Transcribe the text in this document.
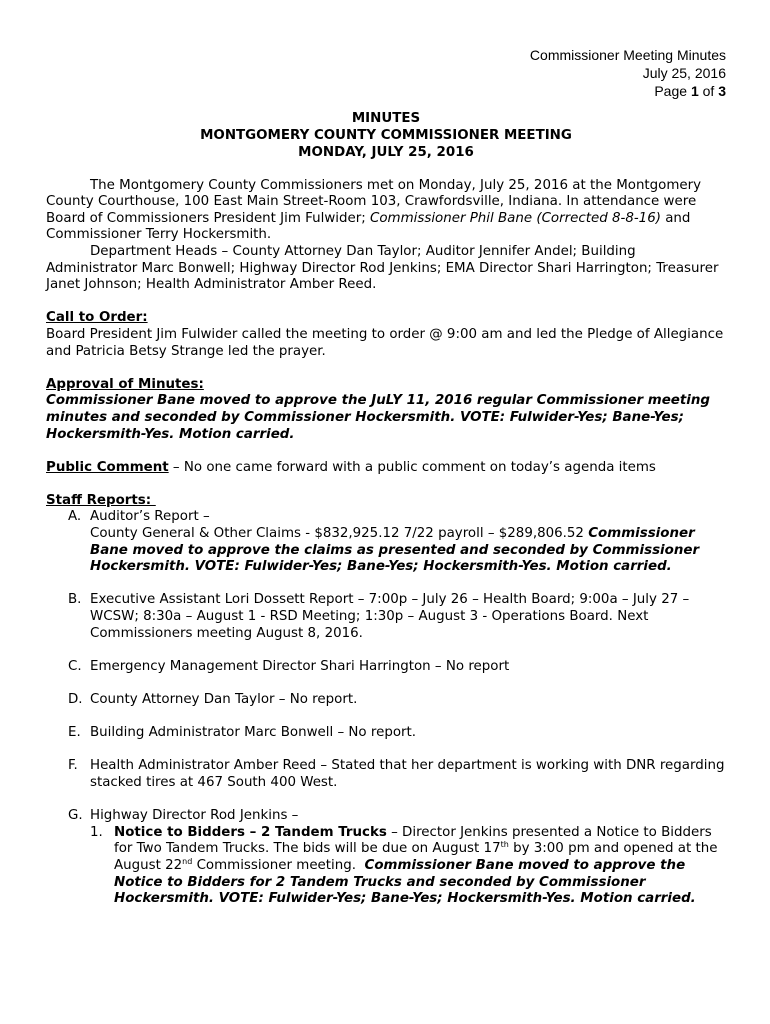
Commissioner Meeting Minutes
July 25, 2016
Page 1 of 3
MINUTES
MONTGOMERY COUNTY COMMISSIONER MEETING
MONDAY, JULY 25, 2016

The Montgomery County Commissioners met on Monday, July 25, 2016 at the Montgomery County Courthouse, 100 East Main Street-Room 103, Crawfordsville, Indiana. In attendance were Board of Commissioners President Jim Fulwider; Commissioner Phil Bane (Corrected 8-8-16) and Commissioner Terry Hockersmith.

Department Heads – County Attorney Dan Taylor; Auditor Jennifer Andel; Building Administrator Marc Bonwell; Highway Director Rod Jenkins; EMA Director Shari Harrington; Treasurer Janet Johnson; Health Administrator Amber Reed.

Call to Order:

Board President Jim Fulwider called the meeting to order @ 9:00 am and led the Pledge of Allegiance and Patricia Betsy Strange led the prayer.

Approval of Minutes:

Commissioner Bane moved to approve the JuLY 11, 2016 regular Commissioner meeting minutes and seconded by Commissioner Hockersmith. VOTE: Fulwider-Yes; Bane-Yes; Hockersmith-Yes. Motion carried.

Public Comment – No one came forward with a public comment on today’s agenda items

Staff Reports:

A. Auditor’s Report –
County General & Other Claims - $832,925.12 7/22 payroll – $289,806.52 Commissioner Bane moved to approve the claims as presented and seconded by Commissioner Hockersmith. VOTE: Fulwider-Yes; Bane-Yes; Hockersmith-Yes. Motion carried.
B. Executive Assistant Lori Dossett Report – 7:00p – July 26 – Health Board; 9:00a – July 27 – WCSW; 8:30a – August 1 - RSD Meeting; 1:30p – August 3 - Operations Board. Next Commissioners meeting August 8, 2016.
C. Emergency Management Director Shari Harrington – No report
D. County Attorney Dan Taylor – No report.
E. Building Administrator Marc Bonwell – No report.
F. Health Administrator Amber Reed – Stated that her department is working with DNR regarding stacked tires at 467 South 400 West.
G. Highway Director Rod Jenkins –
1. Notice to Bidders – 2 Tandem Trucks – Director Jenkins presented a Notice to Bidders for Two Tandem Trucks. The bids will be due on August 17th by 3:00 pm and opened at the August 22nd Commissioner meeting.  Commissioner Bane moved to approve the Notice to Bidders for 2 Tandem Trucks and seconded by Commissioner Hockersmith. VOTE: Fulwider-Yes; Bane-Yes; Hockersmith-Yes. Motion carried.
